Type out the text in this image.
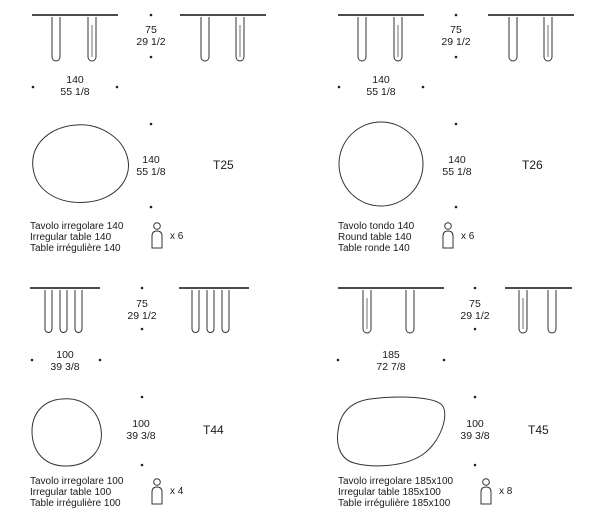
75
29 1/2
140
55 1/8
140
55 1/8	T25
Tavolo irregolare 140
Irregular table 140
Table irrégulière 140
x 6
75
29 1/2
140
55 1/8
140
55 1/8	T26
Tavolo tondo 140
Round table 140
Table ronde 140
x 6
75
29 1/2
100
39 3/8
100
39 3/8	T44
Tavolo irregolare 100
Irregular table 100
Table irrégulière 100
x 4
75
29 1/2
185
72 7/8
100
39 3/8	T45
Tavolo irregolare 185x100
Irregular table 185x100
Table irrégulière 185x100
x 8
